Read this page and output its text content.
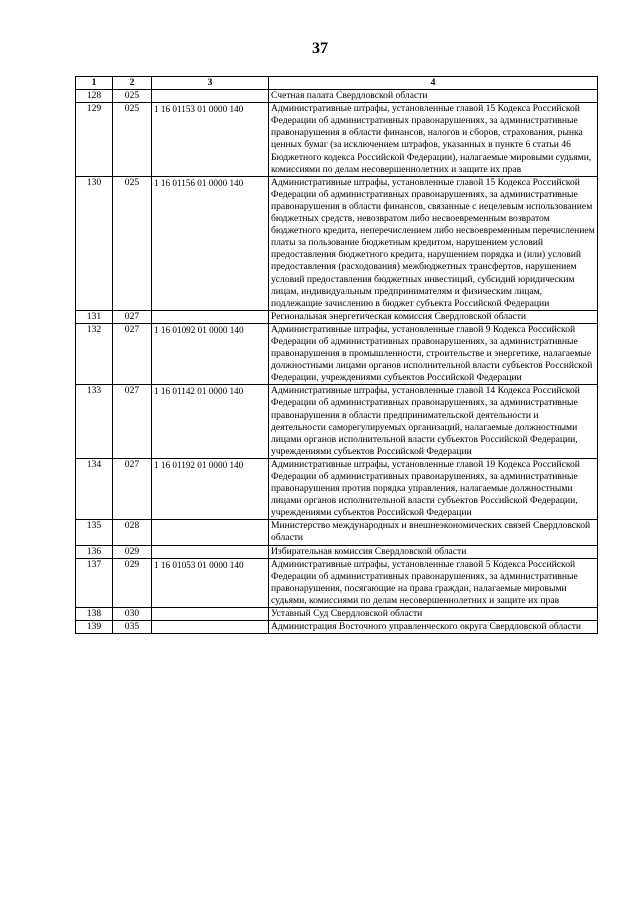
37
1	2	3	4
128	025		Счетная палата Свердловской области
129	025	1 16 01153 01 0000 140	Административные штрафы, установленные главой 15 Кодекса Российской Федерации об административных правонарушениях, за административные правонарушения в области финансов, налогов и сборов, страхования, рынка ценных бумаг (за исключением штрафов, указанных в пункте 6 статьи 46 Бюджетного кодекса Российской Федерации), налагаемые мировыми судьями, комиссиями по делам несовершеннолетних и защите их прав
130	025	1 16 01156 01 0000 140	Административные штрафы, установленные главой 15 Кодекса Российской Федерации об административных правонарушениях, за административные правонарушения в области финансов, связанные с нецелевым использованием бюджетных средств, невозвратом либо несвоевременным возвратом бюджетного кредита, неперечислением либо несвоевременным перечислением платы за пользование бюджетным кредитом, нарушением условий предоставления бюджетного кредита, нарушением порядка и (или) условий предоставления (расходования) межбюджетных трансфертов, нарушением условий предоставления бюджетных инвестиций, субсидий юридическим лицам, индивидуальным предпринимателям и физическим лицам, подлежащие зачислению в бюджет субъекта Российской Федерации
131	027		Региональная энергетическая комиссия Свердловской области
132	027	1 16 01092 01 0000 140	Административные штрафы, установленные главой 9 Кодекса Российской Федерации об административных правонарушениях, за административные правонарушения в промышленности, строительстве и энергетике, налагаемые должностными лицами органов исполнительной власти субъектов Российской Федерации, учреждениями субъектов Российской Федерации
133	027	1 16 01142 01 0000 140	Административные штрафы, установленные главой 14 Кодекса Российской Федерации об административных правонарушениях, за административные правонарушения в области предпринимательской деятельности и деятельности саморегулируемых организаций, налагаемые должностными лицами органов исполнительной власти субъектов Российской Федерации, учреждениями субъектов Российской Федерации
134	027	1 16 01192 01 0000 140	Административные штрафы, установленные главой 19 Кодекса Российской Федерации об административных правонарушениях, за административные правонарушения против порядка управления, налагаемые должностными лицами органов исполнительной власти субъектов Российской Федерации, учреждениями субъектов Российской Федерации
135	028		Министерство международных и внешнеэкономических связей Свердловской области
136	029		Избирательная комиссия Свердловской области
137	029	1 16 01053 01 0000 140	Административные штрафы, установленные главой 5 Кодекса Российской Федерации об административных правонарушениях, за административные правонарушения, посягающие на права граждан, налагаемые мировыми судьями, комиссиями по делам несовершеннолетних и защите их прав
138	030		Уставный Суд Свердловской области
139	035		Администрация Восточного управленческого округа Свердловской области
